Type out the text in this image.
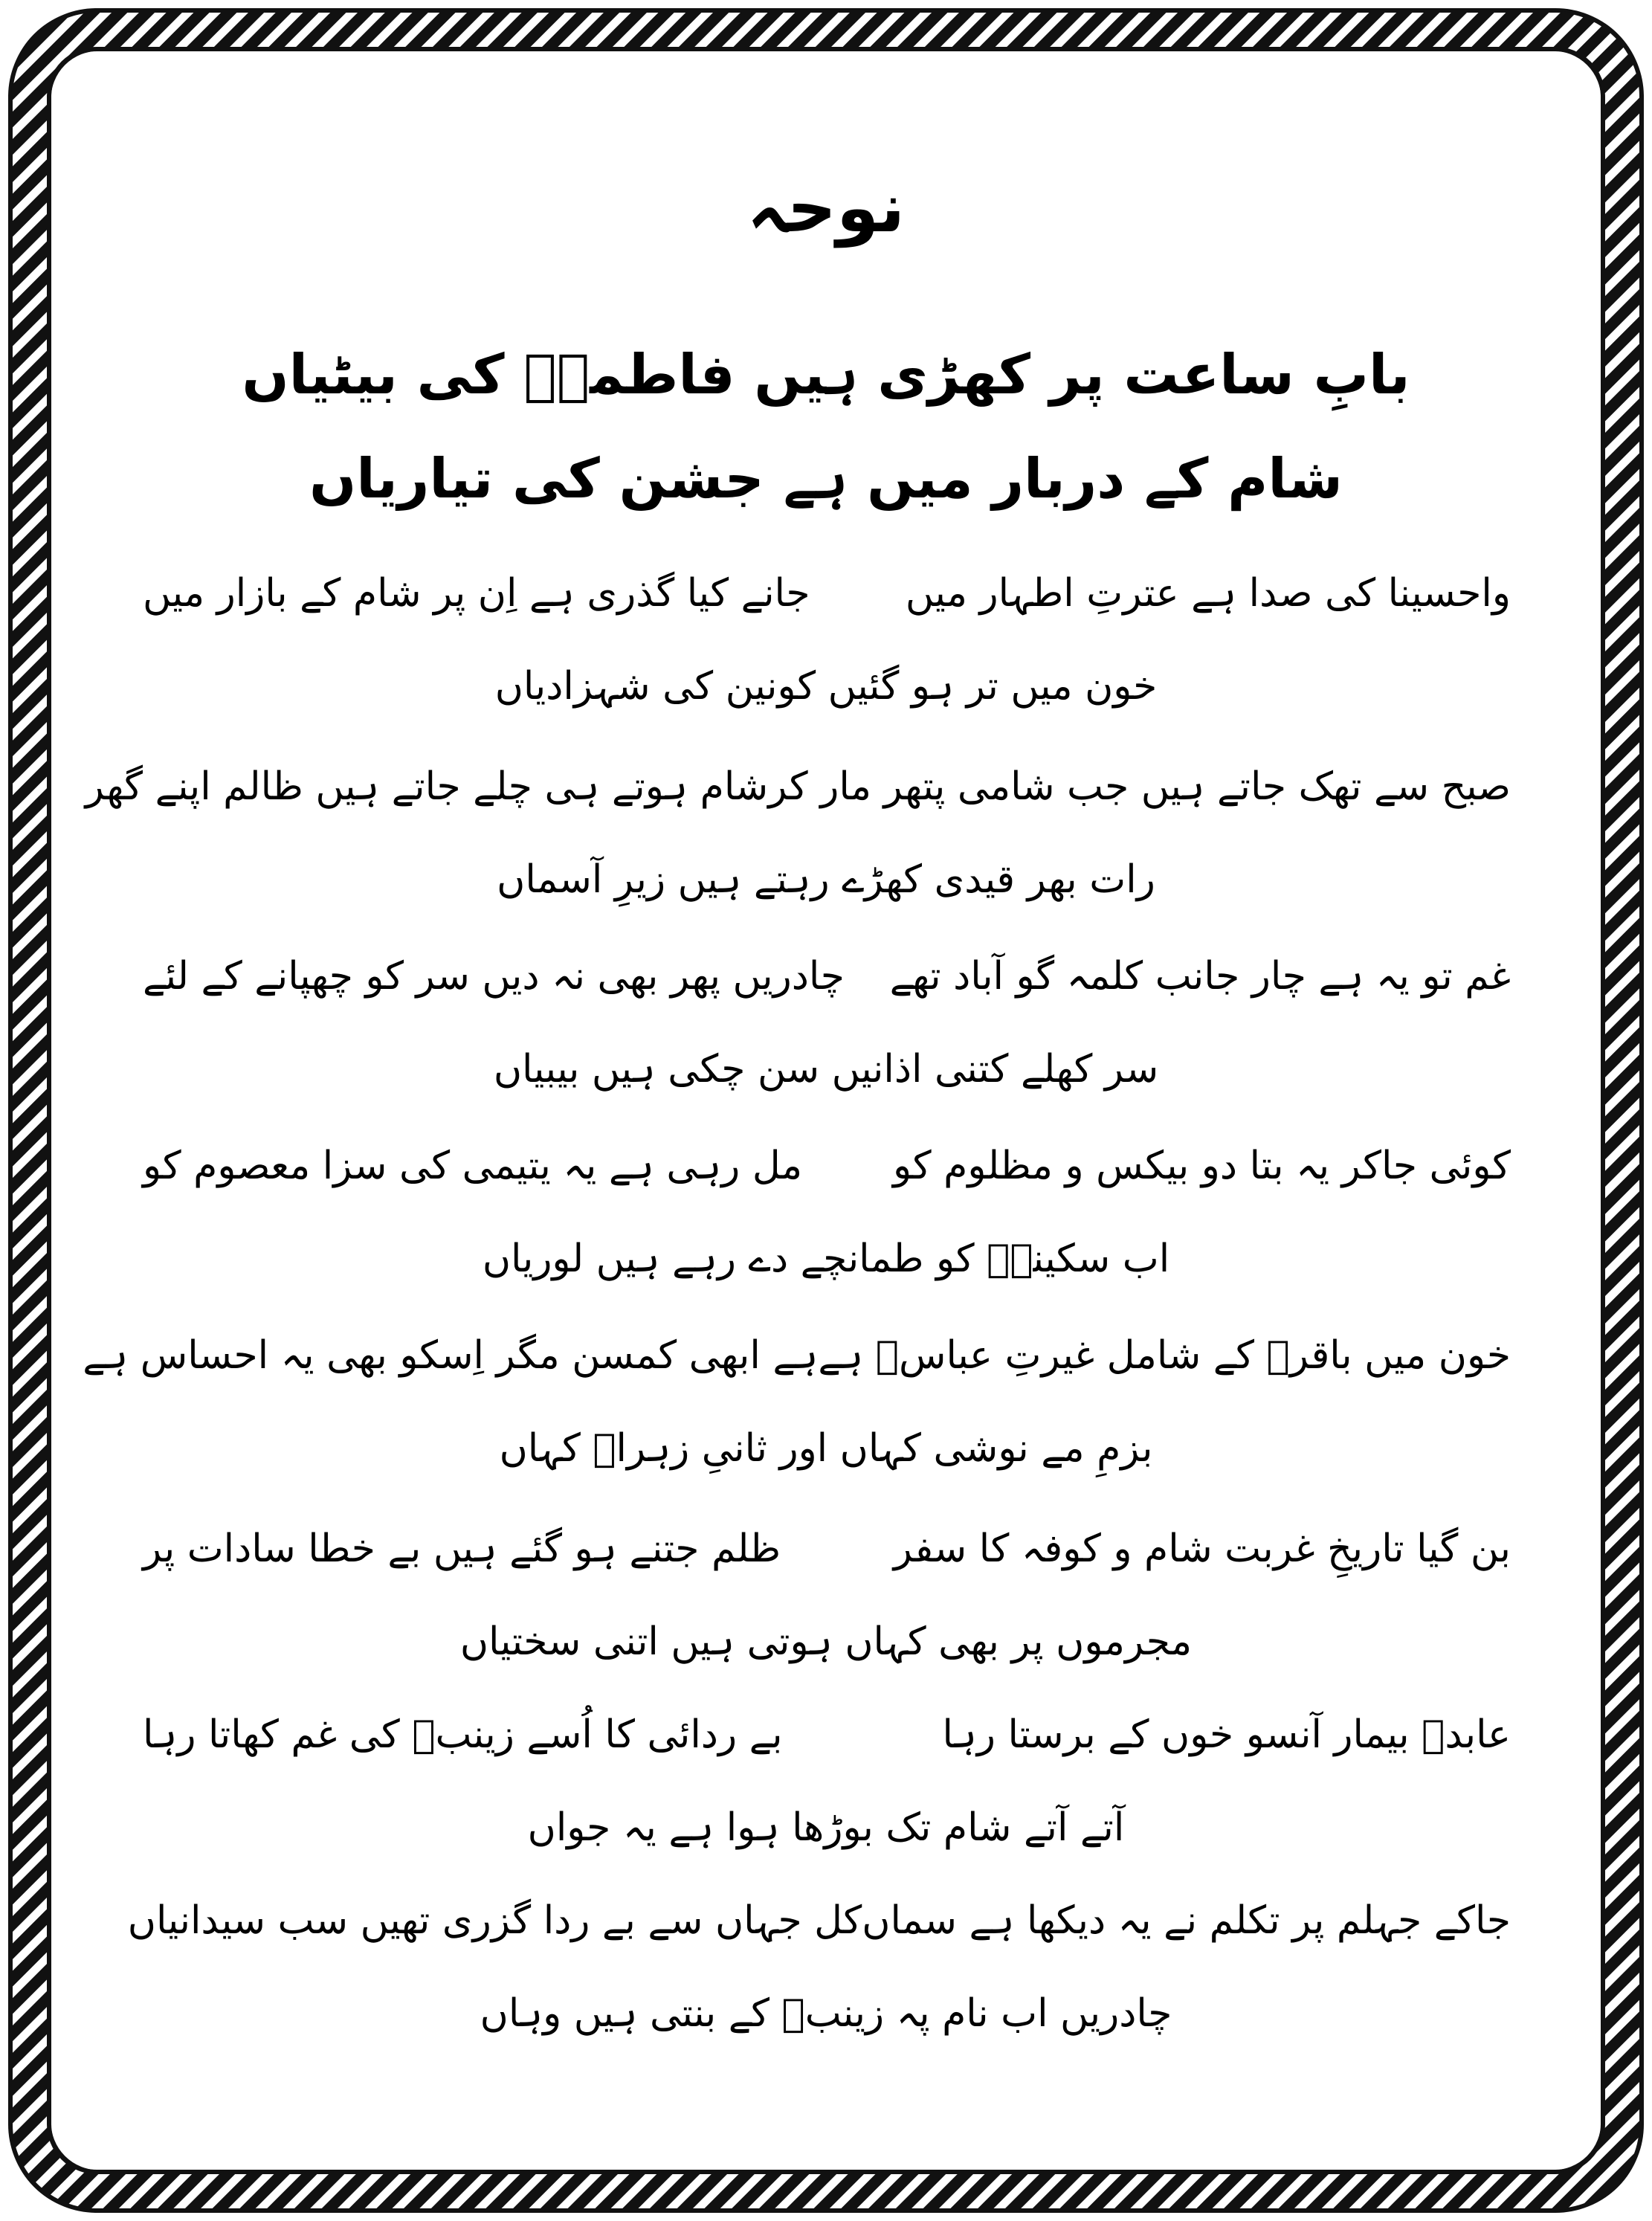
نوحہ
بابِ ساعت پر کھڑی ہیں فاطمہؑ کی بیٹیاں
شام کے دربار میں ہے جشن کی تیاریاں
واحسینا کی صدا ہے عترتِ اطہار میں
جانے کیا گذری ہے اِن پر شام کے بازار میں
خون میں تر ہو گئیں کونین کی شہزادیاں
صبح سے تھک جاتے ہیں جب شامی پتھر مار کر
شام ہوتے ہی چلے جاتے ہیں ظالم اپنے گھر
رات بھر قیدی کھڑے رہتے ہیں زیرِ آسماں
غم تو یہ ہے چار جانب کلمہ گو آباد تھے
چادریں پھر بھی نہ دیں سر کو چھپانے کے لئے
سر کھلے کتنی اذانیں سن چکی ہیں بیبیاں
کوئی جاکر یہ بتا دو بیکس و مظلوم کو
مل رہی ہے یہ یتیمی کی سزا معصوم کو
اب سکینہؑ کو طمانچے دے رہے ہیں لوریاں
خون میں باقرؑ کے شامل غیرتِ عباسؑ ہے
ہے ابھی کمسن مگر اِسکو بھی یہ احساس ہے
بزمِ مے نوشی کہاں اور ثانیِ زہراؑ کہاں
بن گیا تاریخِ غربت شام و کوفہ کا سفر
ظلم جتنے ہو گئے ہیں بے خطا سادات پر
مجرموں پر بھی کہاں ہوتی ہیں اتنی سختیاں
عابدؑ بیمار آنسو خوں کے برستا رہا
بے ردائی کا اُسے زینبؑ کی غم کھاتا رہا
آتے آتے شام تک بوڑھا ہوا ہے یہ جواں
جاکے جہلم پر تکلم نے یہ دیکھا ہے سماں
کل جہاں سے بے ردا گزری تھیں سب سیدانیاں
چادریں اب نام پہ زینبؑ کے بنتی ہیں وہاں
